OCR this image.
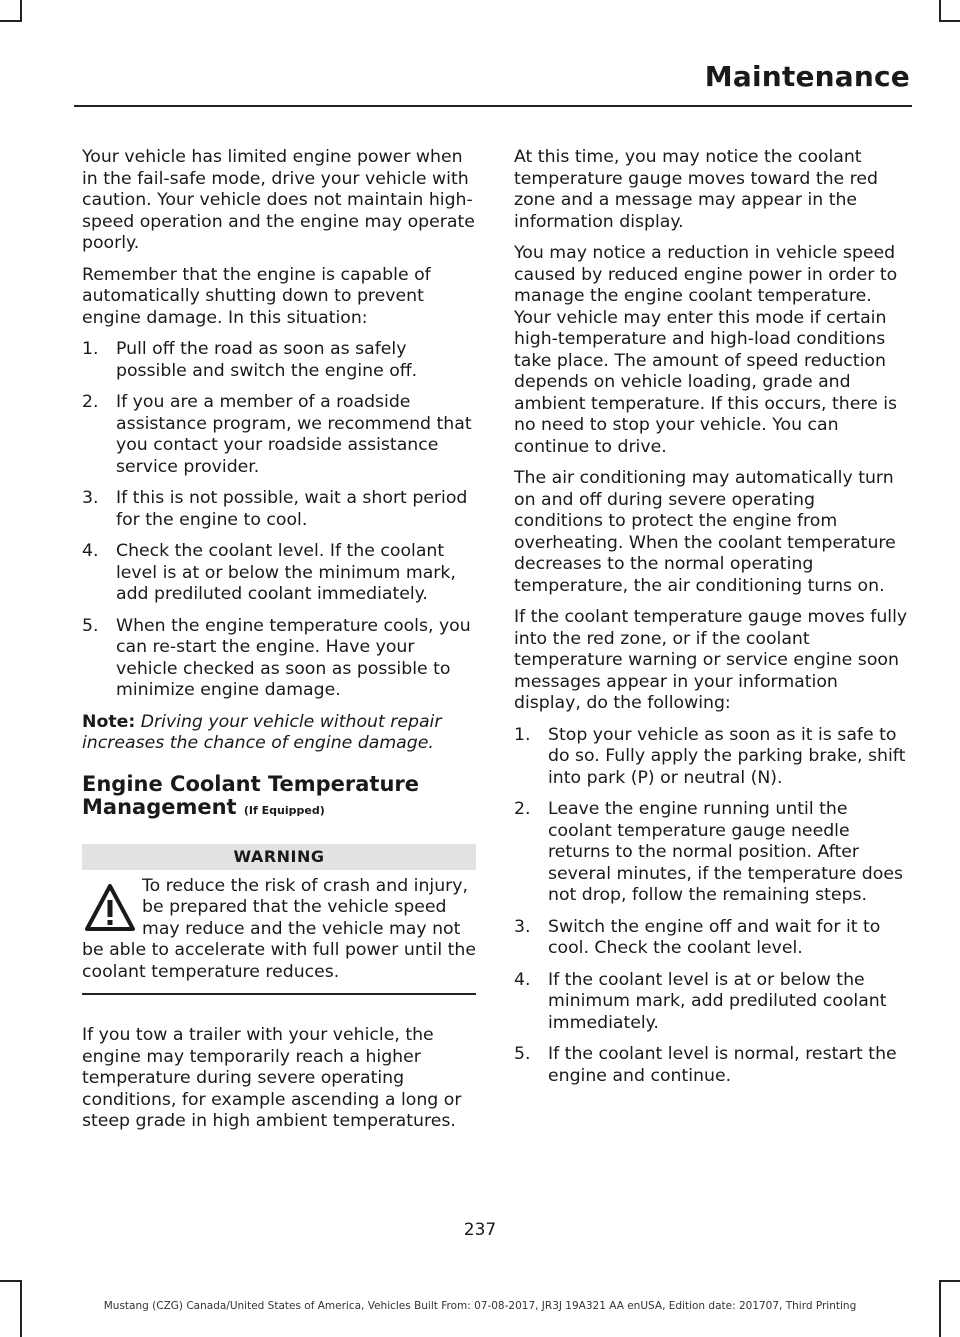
Maintenance

Your vehicle has limited engine power when in the fail-safe mode, drive your vehicle with caution. Your vehicle does not maintain high-speed operation and the engine may operate poorly.

Remember that the engine is capable of automatically shutting down to prevent engine damage. In this situation:

1. Pull off the road as soon as safely possible and switch the engine off.
2. If you are a member of a roadside assistance program, we recommend that you contact your roadside assistance service provider.
3. If this is not possible, wait a short period for the engine to cool.
4. Check the coolant level. If the coolant level is at or below the minimum mark, add prediluted coolant immediately.
5. When the engine temperature cools, you can re-start the engine. Have your vehicle checked as soon as possible to minimize engine damage.

Note: Driving your vehicle without repair increases the chance of engine damage.

Engine Coolant Temperature Management (If Equipped)
WARNING
To reduce the risk of crash and injury, be prepared that the vehicle speed may reduce and the vehicle may not be able to accelerate with full power until the coolant temperature reduces.

If you tow a trailer with your vehicle, the engine may temporarily reach a higher temperature during severe operating conditions, for example ascending a long or steep grade in high ambient temperatures.

At this time, you may notice the coolant temperature gauge moves toward the red zone and a message may appear in the information display.

You may notice a reduction in vehicle speed caused by reduced engine power in order to manage the engine coolant temperature. Your vehicle may enter this mode if certain high-temperature and high-load conditions take place. The amount of speed reduction depends on vehicle loading, grade and ambient temperature. If this occurs, there is no need to stop your vehicle. You can continue to drive.

The air conditioning may automatically turn on and off during severe operating conditions to protect the engine from overheating. When the coolant temperature decreases to the normal operating temperature, the air conditioning turns on.

If the coolant temperature gauge moves fully into the red zone, or if the coolant temperature warning or service engine soon messages appear in your information display, do the following:

1. Stop your vehicle as soon as it is safe to do so. Fully apply the parking brake, shift into park (P) or neutral (N).
2. Leave the engine running until the coolant temperature gauge needle returns to the normal position. After several minutes, if the temperature does not drop, follow the remaining steps.
3. Switch the engine off and wait for it to cool. Check the coolant level.
4. If the coolant level is at or below the minimum mark, add prediluted coolant immediately.
5. If the coolant level is normal, restart the engine and continue.
237
Mustang (CZG) Canada/United States of America, Vehicles Built From: 07-08-2017, JR3J 19A321 AA enUSA, Edition date: 201707, Third Printing
